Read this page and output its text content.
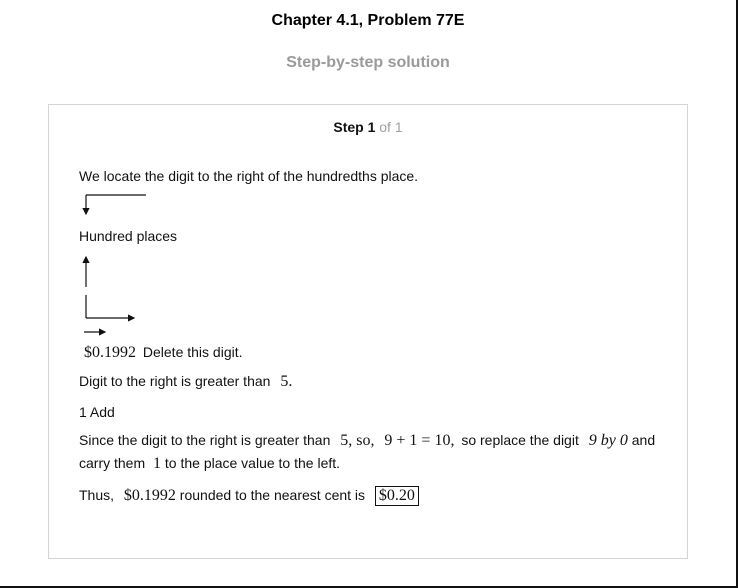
Chapter 4.1, Problem 77E
Step-by-step solution
Step 1 of 1
We locate the digit to the right of the hundredths place.
Hundred places
$0.1992 Delete this digit.
Digit to the right is greater than 5.
1 Add
Since the digit to the right is greater than 5, so, 9 + 1 = 10, so replace the digit 9 by 0 and
carry them 1 to the place value to the left.
Thus, $0.1992 rounded to the nearest cent is $0.20
